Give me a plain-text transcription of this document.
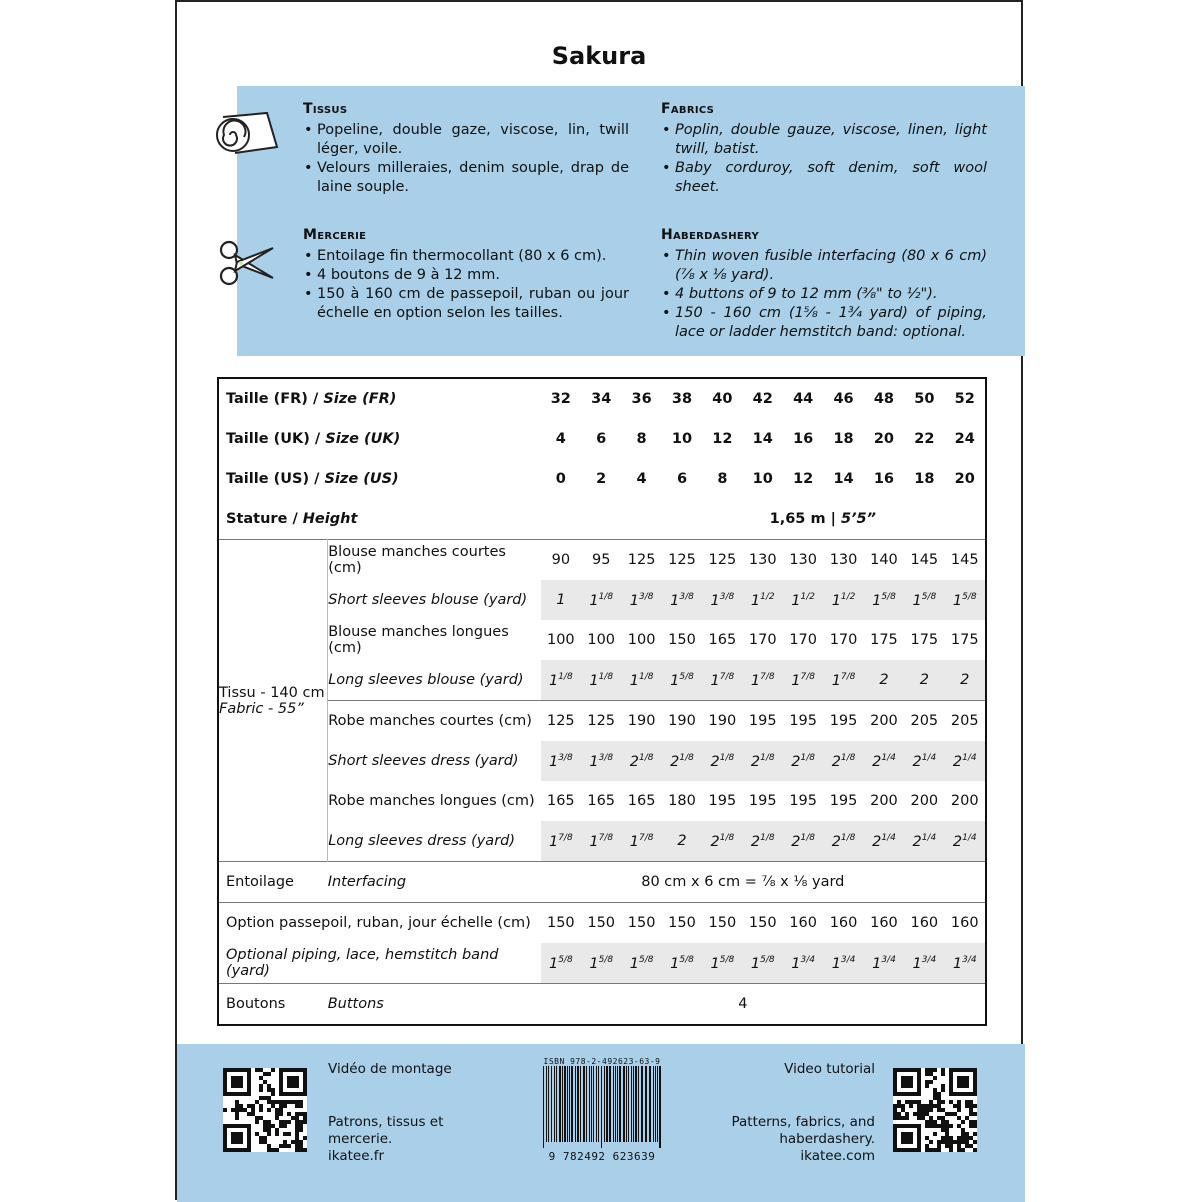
Sakura
Tissus
• Popeline, double gaze, viscose, lin, twill léger, voile.
• Velours milleraies, denim souple, drap de laine souple.
Fabrics
• Poplin, double gauze, viscose, linen, light twill, batist.
• Baby corduroy, soft denim, soft wool sheet.
Mercerie
• Entoilage fin thermocollant (80 x 6 cm).
• 4 boutons de 9 à 12 mm.
• 150 à 160 cm de passepoil, ruban ou jour échelle en option selon les tailles.
Haberdashery
• Thin woven fusible interfacing (80 x 6 cm) (⅞ x ⅛ yard).
• 4 buttons of 9 to 12 mm (⅜" to ½").
• 150 - 160 cm (1⅝ - 1¾ yard) of piping, lace or ladder hemstitch band: optional.
Taille (FR) / Size (FR)		32	34	36	38	40	42	44	46	48	50	52
Taille (UK) / Size (UK)		4	6	8	10	12	14	16	18	20	22	24
Taille (US) / Size (US)		0	2	4	6	8	10	12	14	16	18	20
Stature / Height		1,65 m | 5’5”										

Tissu - 140 cm
Fabric - 55”	Blouse manches courtes (cm)	90	95	125	125	125	130	130	130	140	145	145
	Short sleeves blouse (yard)	1	$1^{1/8}$	$1^{3/8}$	$1^{3/8}$	$1^{3/8}$	$1^{1/2}$	$1^{1/2}$	$1^{1/2}$	$1^{5/8}$	$1^{5/8}$	$1^{5/8}$
	Blouse manches longues (cm)	100	100	100	150	165	170	170	170	175	175	175
	Long sleeves blouse (yard)	$1^{1/8}$	$1^{1/8}$	$1^{1/8}$	$1^{5/8}$	$1^{7/8}$	$1^{7/8}$	$1^{7/8}$	$1^{7/8}$	2	2	2
	Robe manches courtes (cm)	125	125	190	190	190	195	195	195	200	205	205
	Short sleeves dress (yard)	$1^{3/8}$	$1^{3/8}$	$2^{1/8}$	$2^{1/8}$	$2^{1/8}$	$2^{1/8}$	$2^{1/8}$	$2^{1/8}$	$2^{1/4}$	$2^{1/4}$	$2^{1/4}$
	Robe manches longues (cm)	165	165	165	180	195	195	195	195	200	200	200
	Long sleeves dress (yard)	$1^{7/8}$	$1^{7/8}$	$1^{7/8}$	2	$2^{1/8}$	$2^{1/8}$	$2^{1/8}$	$2^{1/8}$	$2^{1/4}$	$2^{1/4}$	$2^{1/4}$
Entoilage	Interfacing	80 cm x 6 cm = ⅞ x ⅛ yard										
Option passepoil, ruban, jour échelle (cm)		150	150	150	150	150	150	160	160	160	160	160
Optional piping, lace, hemstitch band (yard)		$1^{5/8}$	$1^{5/8}$	$1^{5/8}$	$1^{5/8}$	$1^{5/8}$	$1^{5/8}$	$1^{3/4}$	$1^{3/4}$	$1^{3/4}$	$1^{3/4}$	$1^{3/4}$
Boutons	Buttons	4										
Vidéo de montage
Patrons, tissus et
mercerie.
ikatee.fr
ISBN 978-2-492623-63-9
9 782492 623639
Video tutorial
Patterns, fabrics, and
haberdashery.
ikatee.com
